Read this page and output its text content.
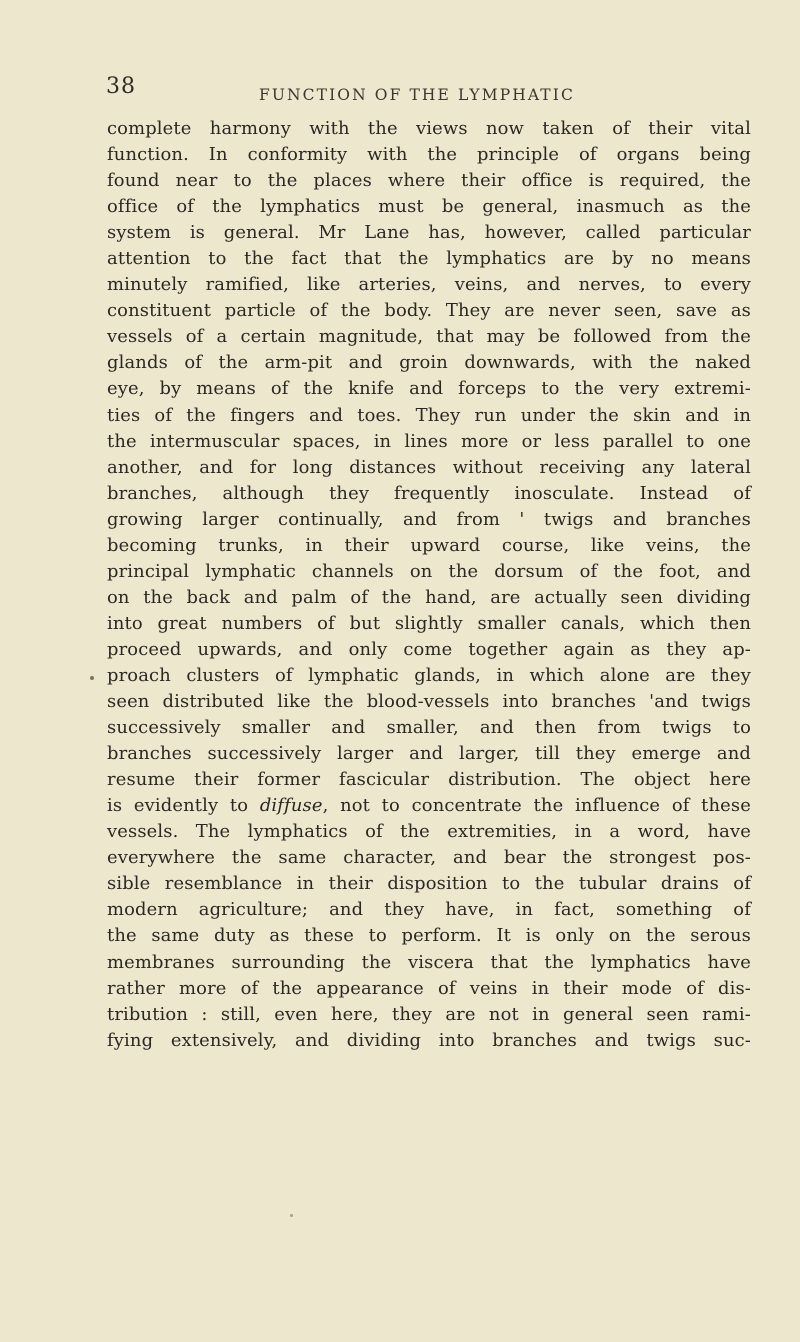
38	FUNCTION OF THE LYMPHATIC
complete harmony with the views now taken of their vital
function. In conformity with the principle of organs being
found near to the places where their office is required, the
office of the lymphatics must be general, inasmuch as the
system is general. Mr Lane has, however, called particular
attention to the fact that the lymphatics are by no means
minutely ramified, like arteries, veins, and nerves, to every
constituent particle of the body. They are never seen, save as
vessels of a certain magnitude, that may be followed from the
glands of the arm-pit and groin downwards, with the naked
eye, by means of the knife and forceps to the very extremi-
ties of the fingers and toes. They run under the skin and in
the intermuscular spaces, in lines more or less parallel to one
another, and for long distances without receiving any lateral
branches, although they frequently inosculate. Instead of
growing larger continually, and from ' twigs and branches
becoming trunks, in their upward course, like veins, the
principal lymphatic channels on the dorsum of the foot, and
on the back and palm of the hand, are actually seen dividing
into great numbers of but slightly smaller canals, which then
proceed upwards, and only come together again as they ap-
proach clusters of lymphatic glands, in which alone are they
seen distributed like the blood-vessels into branches 'and twigs
successively smaller and smaller, and then from twigs to
branches successively larger and larger, till they emerge and
resume their former fascicular distribution. The object here
is evidently to diffuse, not to concentrate the influence of these
vessels. The lymphatics of the extremities, in a word, have
everywhere the same character, and bear the strongest pos-
sible resemblance in their disposition to the tubular drains of
modern agriculture; and they have, in fact, something of
the same duty as these to perform. It is only on the serous
membranes surrounding the viscera that the lymphatics have
rather more of the appearance of veins in their mode of dis-
tribution : still, even here, they are not in general seen rami-
fying extensively, and dividing into branches and twigs suc-
